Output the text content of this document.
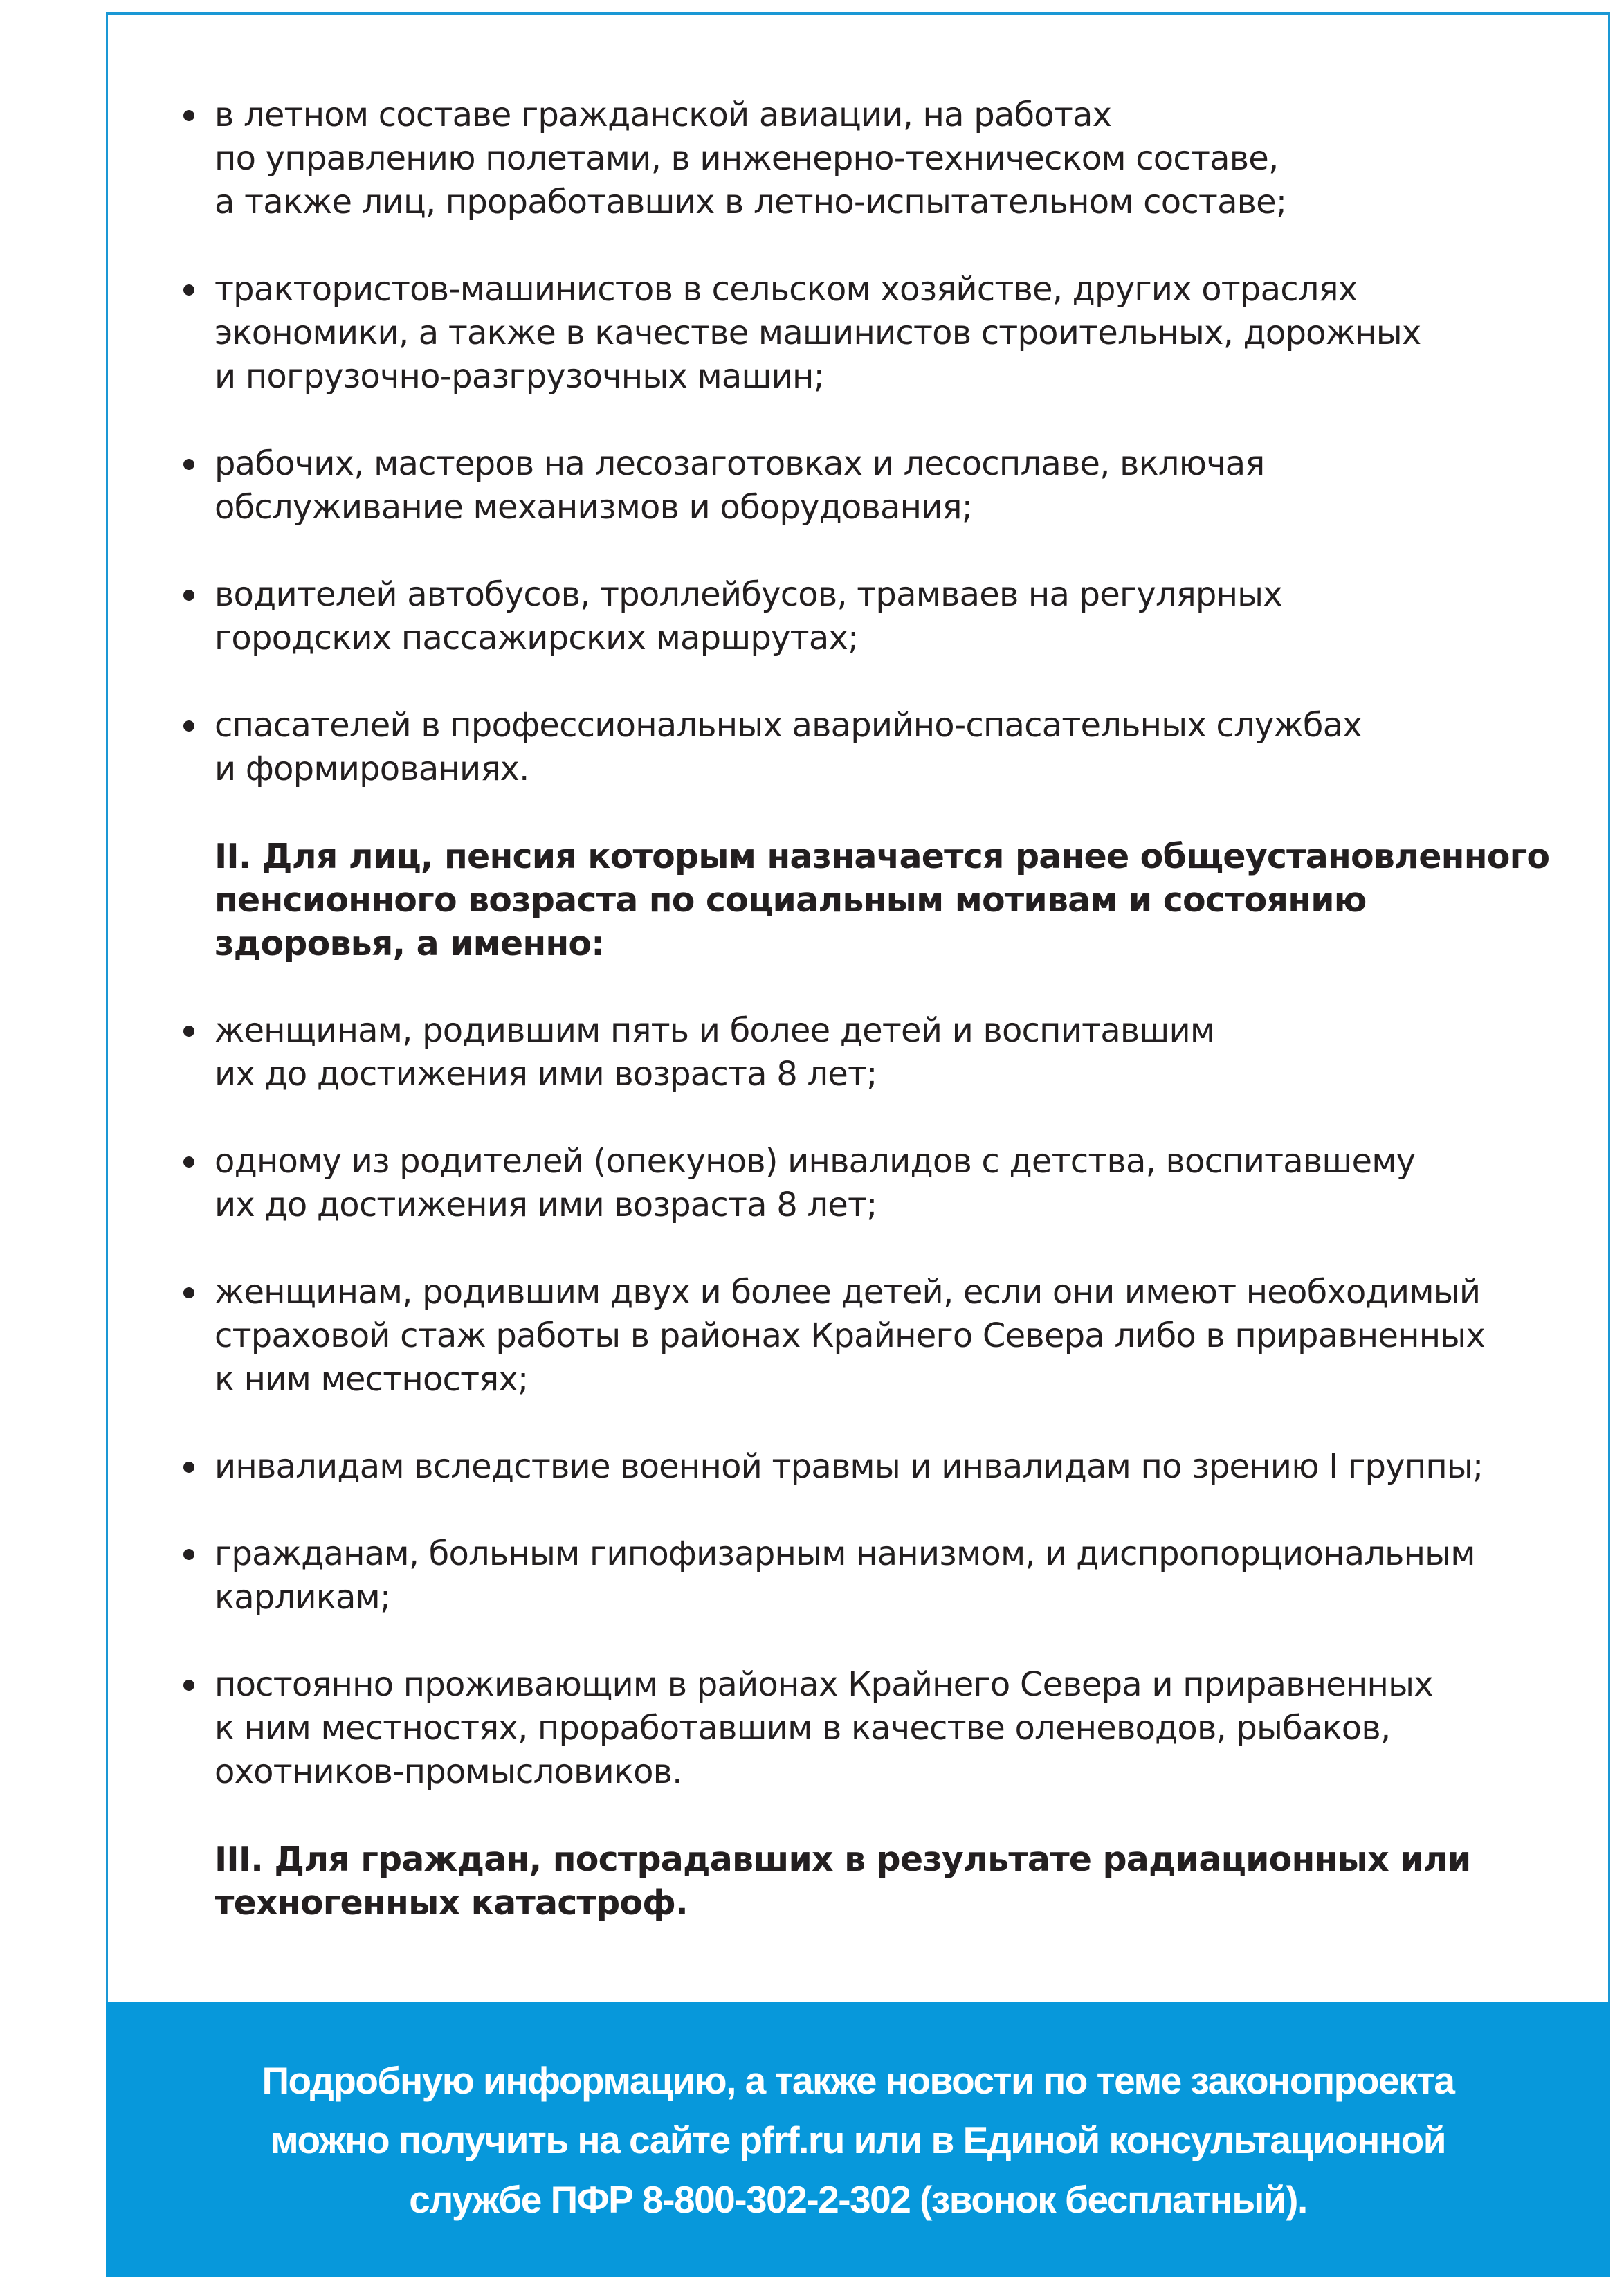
в летном составе гражданской авиации, на работах
по управлению полетами, в инженерно-техническом составе,
а также лиц, проработавших в летно-испытательном составе;
трактористов-машинистов в сельском хозяйстве, других отраслях
экономики, а также в качестве машинистов строительных, дорожных
и погрузочно-разгрузочных машин;
рабочих, мастеров на лесозаготовках и лесосплаве, включая
обслуживание механизмов и оборудования;
водителей автобусов, троллейбусов, трамваев на регулярных
городских пассажирских маршрутах;
спасателей в профессиональных аварийно-спасательных службах
и формированиях.
II. Для лиц, пенсия которым назначается ранее общеустановленного
пенсионного возраста по социальным мотивам и состоянию
здоровья, а именно:
женщинам, родившим пять и более детей и воспитавшим
их до достижения ими возраста 8 лет;
одному из родителей (опекунов) инвалидов с детства, воспитавшему
их до достижения ими возраста 8 лет;
женщинам, родившим двух и более детей, если они имеют необходимый
страховой стаж работы в районах Крайнего Севера либо в приравненных
к ним местностях;
инвалидам вследствие военной травмы и инвалидам по зрению I группы;
гражданам, больным гипофизарным нанизмом, и диспропорциональным
карликам;
постоянно проживающим в районах Крайнего Севера и приравненных
к ним местностях, проработавшим в качестве оленеводов, рыбаков,
охотников-промысловиков.
III. Для граждан, пострадавших в результате радиационных или
техногенных катастроф.
Подробную информацию, а также новости по теме законопроекта
можно получить на сайте pfrf.ru или в Единой консультационной
службе ПФР 8-800-302-2-302 (звонок бесплатный).
